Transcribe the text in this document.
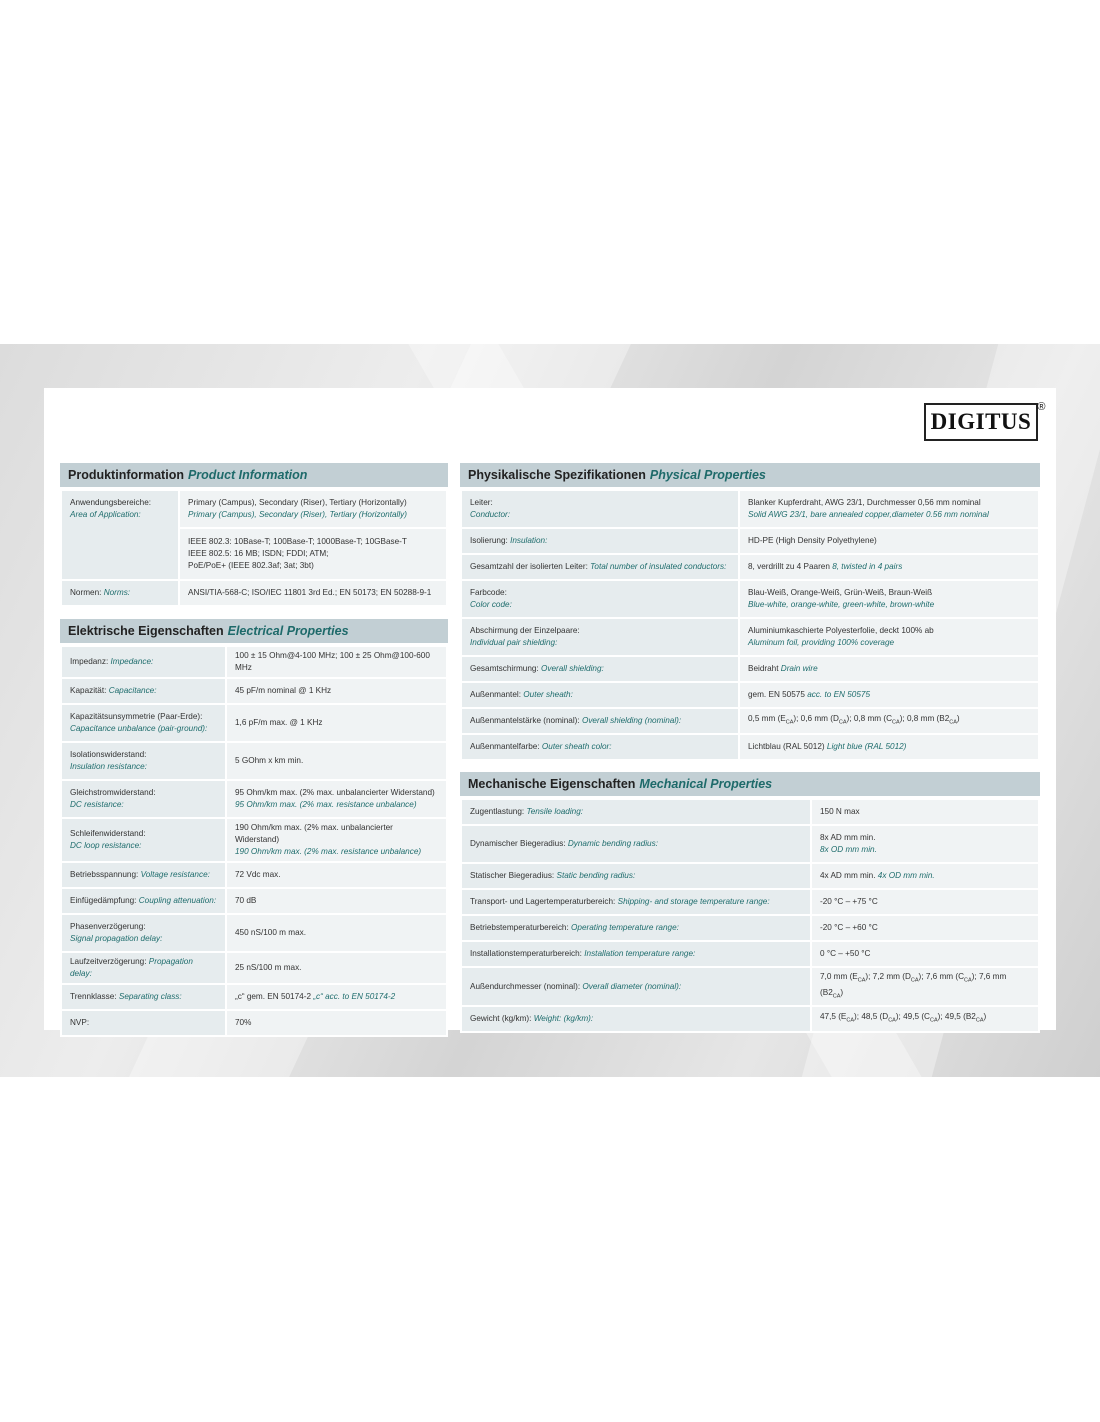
DIGITUS
®
Produktinformation Product Information
Anwendungsbereiche:
Area of Application:	Primary (Campus), Secondary (Riser), Tertiary (Horizontally)
Primary (Campus), Secondary (Riser), Tertiary (Horizontally)

	IEEE 802.3: 10Base-T; 100Base-T; 1000Base-T; 10GBase-T
IEEE 802.5: 16 MB; ISDN; FDDI; ATM;
PoE/PoE+ (IEEE 802.3af; 3at; 3bt)

Normen: Norms:	ANSI/TIA-568-C; ISO/IEC 11801 3rd Ed.; EN 50173; EN 50288-9-1
Elektrische Eigenschaften Electrical Properties
Impedanz: Impedance:	100 ± 15 Ohm@4-100 MHz; 100 ± 25 Ohm@100-600 MHz
Kapazität: Capacitance:	45 pF/m nominal @ 1 KHz

Kapazitätsunsymmetrie (Paar-Erde):
Capacitance unbalance (pair-ground):	1,6 pF/m max. @ 1 KHz

Isolationswiderstand:
Insulation resistance:	5 GOhm x km min.

Gleichstromwiderstand:
DC resistance:	95 Ohm/km max. (2% max. unbalancierter Widerstand)
95 Ohm/km max. (2% max. resistance unbalance)

Schleifenwiderstand:
DC loop resistance:	190 Ohm/km max. (2% max. unbalancierter Widerstand)
190 Ohm/km max. (2% max. resistance unbalance)

Betriebsspannung: Voltage resistance:	72 Vdc max.
Einfügedämpfung: Coupling attenuation:	70 dB

Phasenverzögerung:
Signal propagation delay:	450 nS/100 m max.
Laufzeitverzögerung: Propagation delay:	25 nS/100 m max.
Trennklasse: Separating class:	„c“ gem. EN 50174-2 „c“ acc. to EN 50174-2
NVP:	70%
Physikalische Spezifikationen Physical Properties
Leiter:
Conductor:	Blanker Kupferdraht, AWG 23/1, Durchmesser 0,56 mm nominal
Solid AWG 23/1, bare annealed copper,diameter 0.56 mm nominal

Isolierung: Insulation:	HD-PE (High Density Polyethylene)
Gesamtzahl der isolierten Leiter: Total number of insulated conductors:	8, verdrillt zu 4 Paaren 8, twisted in 4 pairs

Farbcode:
Color code:	Blau-Weiß, Orange-Weiß, Grün-Weiß, Braun-Weiß
Blue-white, orange-white, green-white, brown-white

Abschirmung der Einzelpaare:
Individual pair shielding:	Aluminiumkaschierte Polyesterfolie, deckt 100% ab
Aluminum foil, providing 100% coverage

Gesamtschirmung: Overall shielding:	Beidraht Drain wire
Außenmantel: Outer sheath:	gem. EN 50575 acc. to EN 50575
Außenmantelstärke (nominal): Overall shielding (nominal):	0,5 mm $(E_{CA})$; 0,6 mm $(D_{CA})$; 0,8 mm $(C_{CA})$; 0,8 mm $(B2_{CA})$
Außenmantelfarbe: Outer sheath color:	Lichtblau (RAL 5012) Light blue (RAL 5012)
Mechanische Eigenschaften Mechanical Properties
Zugentlastung: Tensile loading:	150 N max
Dynamischer Biegeradius: Dynamic bending radius:	8x AD mm min.
8x OD mm min.

Statischer Biegeradius: Static bending radius:	4x AD mm min. 4x OD mm min.
Transport- und Lagertemperaturbereich: Shipping- and storage temperature range:	-20 °C – +75 °C
Betriebstemperaturbereich: Operating temperature range:	-20 °C – +60 °C
Installationstemperaturbereich: Installation temperature range:	0 °C – +50 °C
Außendurchmesser (nominal): Overall diameter (nominal):	7,0 mm $(E_{CA})$; 7,2 mm $(D_{CA})$; 7,6 mm $(C_{CA})$; 7,6 mm $(B2_{CA})$
Gewicht (kg/km): Weight: (kg/km):	47,5 $(E_{CA})$; 48,5 $(D_{CA})$; 49,5 $(C_{CA})$; 49,5 $(B2_{CA})$
